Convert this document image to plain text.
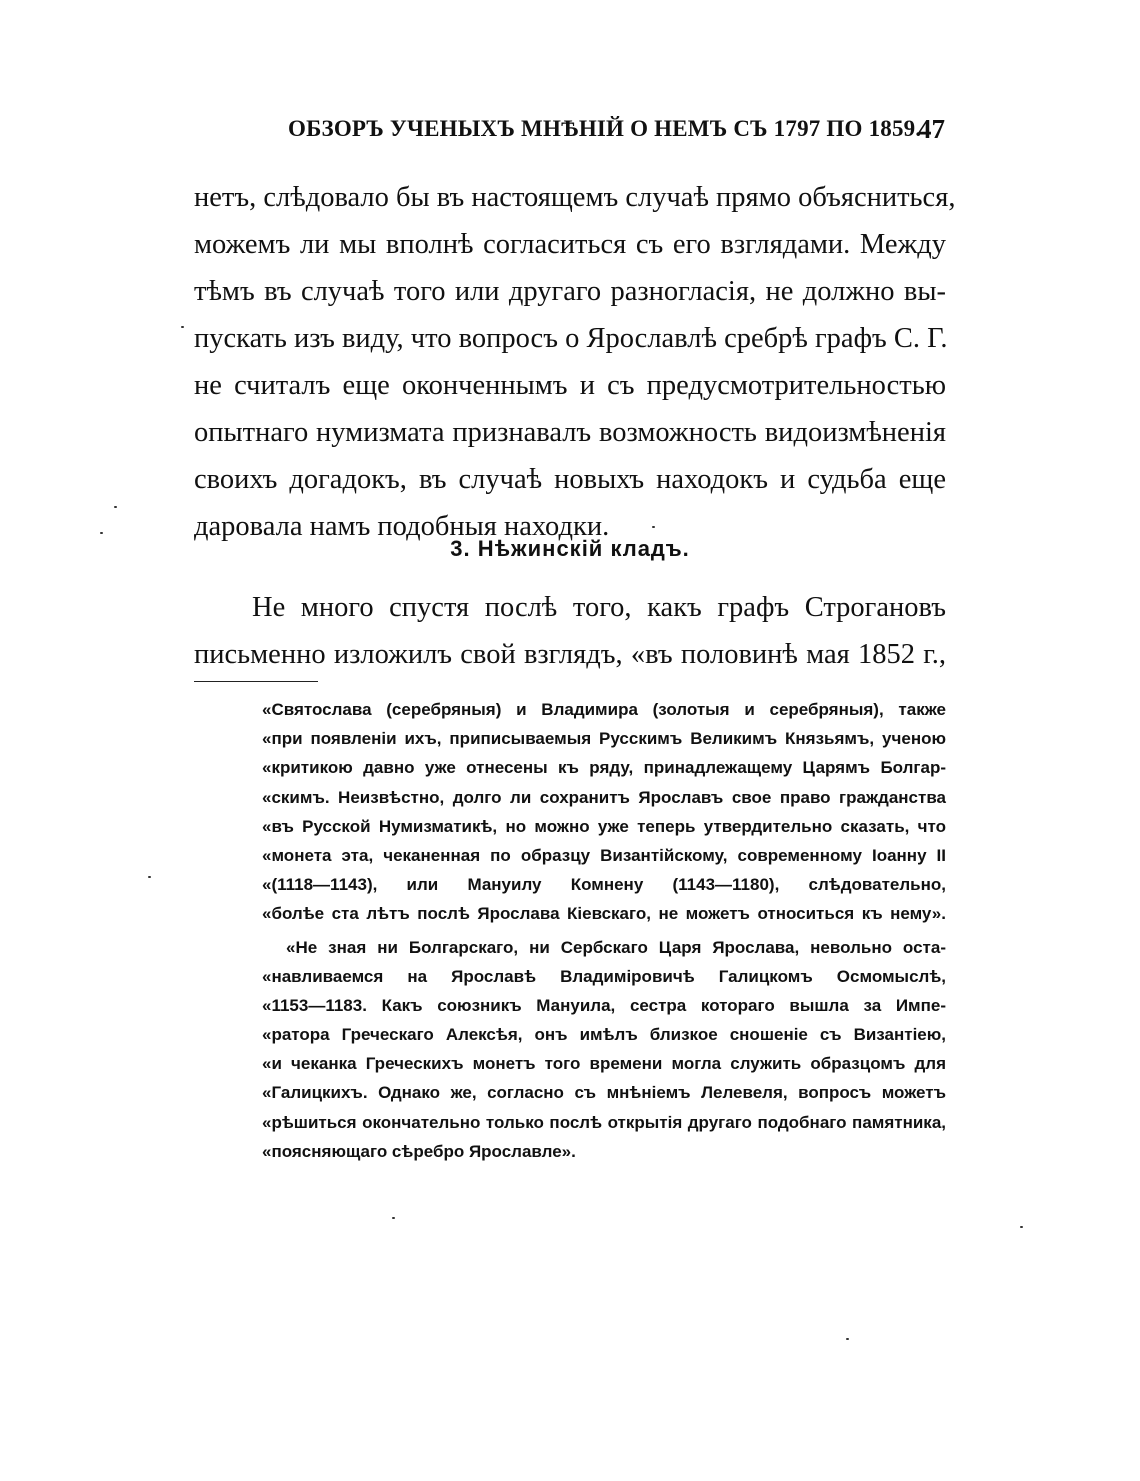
ОБЗОРЪ УЧЕНЫХЪ МНѢНІЙ О НЕМЪ СЪ 1797 ПО 1859.
47
нетъ, слѣдовало бы въ настоящемъ случаѣ прямо объясниться,
можемъ ли мы вполнѣ согласиться съ его взглядами. Между
тѣмъ въ случаѣ того или другаго разногласія, не должно вы-
пускать изъ виду, что вопросъ о Ярославлѣ сребрѣ графъ С. Г.
не считалъ еще оконченнымъ и съ предусмотрительностью
опытнаго нумизмата признавалъ возможность видоизмѣненія
своихъ догадокъ, въ случаѣ новыхъ находокъ и судьба еще
даровала намъ подобныя находки.
3. Нѣжинскій кладъ.
Не много спустя послѣ того, какъ графъ Строгановъ
письменно изложилъ свой взглядъ, «въ половинѣ мая 1852 г.,
«Святослава (серебряныя) и Владимира (золотыя и серебряныя), также
«при появленіи ихъ, приписываемыя Русскимъ Великимъ Князьямъ, ученою
«критикою давно уже отнесены къ ряду, принадлежащему Царямъ Болгар-
«скимъ. Неизвѣстно, долго ли сохранитъ Ярославъ свое право гражданства
«въ Русской Нумизматикѣ, но можно уже теперь утвердительно сказать, что
«монета эта, чеканенная по образцу Византійскому, современному Іоанну II
«(1118—1143), или Мануилу Комнену (1143—1180), слѣдовательно,
«болѣе ста лѣтъ послѣ Ярослава Кіевскаго, не можетъ относиться къ нему».
«Не зная ни Болгарскаго, ни Сербскаго Царя Ярослава, невольно оста-
«навливаемся на Ярославѣ Владиміровичѣ Галицкомъ Осмомыслѣ,
«1153—1183. Какъ союзникъ Мануила, сестра котораго вышла за Импе-
«ратора Греческаго Алексѣя, онъ имѣлъ близкое сношеніе съ Византіею,
«и чеканка Греческихъ монетъ того времени могла служить образцомъ для
«Галицкихъ. Однако же, согласно съ мнѣніемъ Лелевеля, вопросъ можетъ
«рѣшиться окончательно только послѣ открытія другаго подобнаго памятника,
«поясняющаго сѣребро Ярославле».
